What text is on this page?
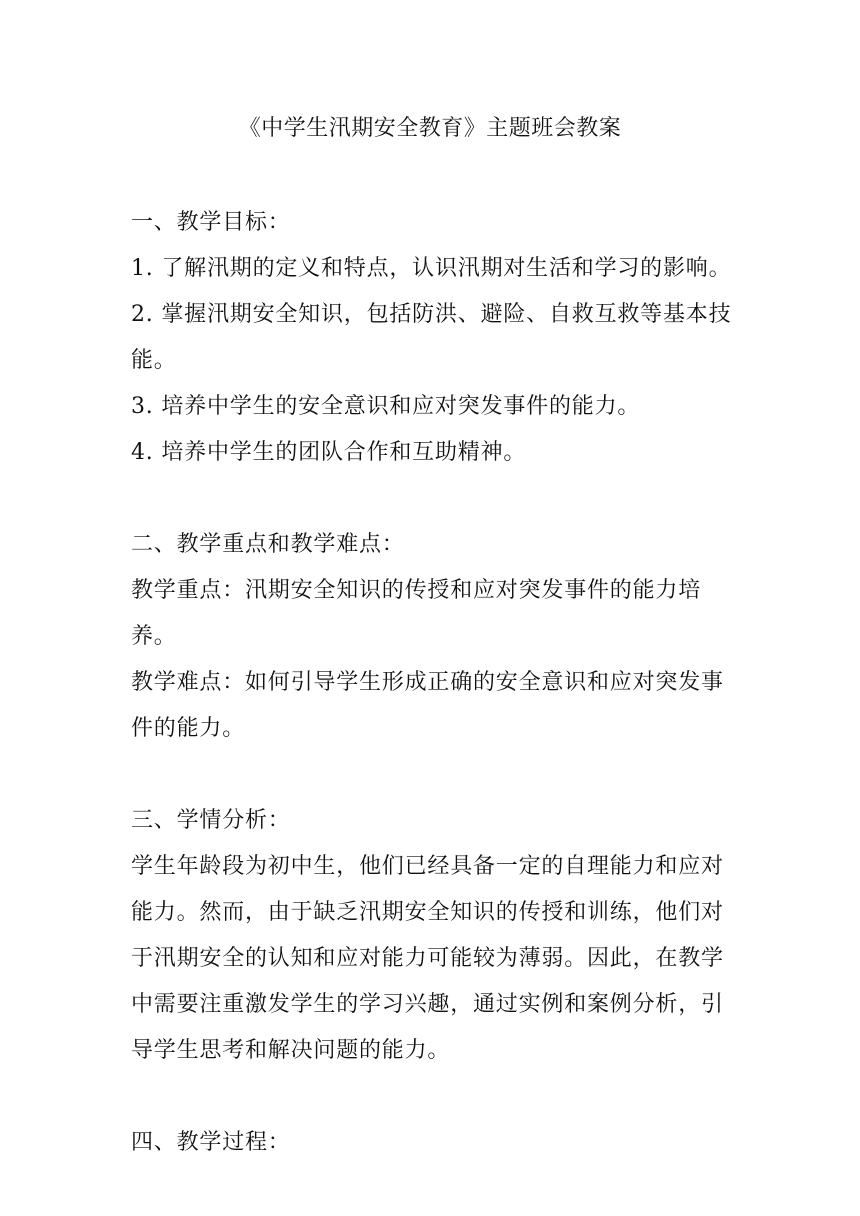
《中学生汛期安全教育》主题班会教案

一、教学目标：

1. 了解汛期的定义和特点，认识汛期对生活和学习的影响。

2. 掌握汛期安全知识，包括防洪、避险、自救互救等基本技能。

3. 培养中学生的安全意识和应对突发事件的能力。

4. 培养中学生的团队合作和互助精神。

二、教学重点和教学难点：

教学重点：汛期安全知识的传授和应对突发事件的能力培养。

教学难点：如何引导学生形成正确的安全意识和应对突发事件的能力。

三、学情分析：

学生年龄段为初中生，他们已经具备一定的自理能力和应对能力。然而，由于缺乏汛期安全知识的传授和训练，他们对于汛期安全的认知和应对能力可能较为薄弱。因此，在教学中需要注重激发学生的学习兴趣，通过实例和案例分析，引导学生思考和解决问题的能力。

四、教学过程：
